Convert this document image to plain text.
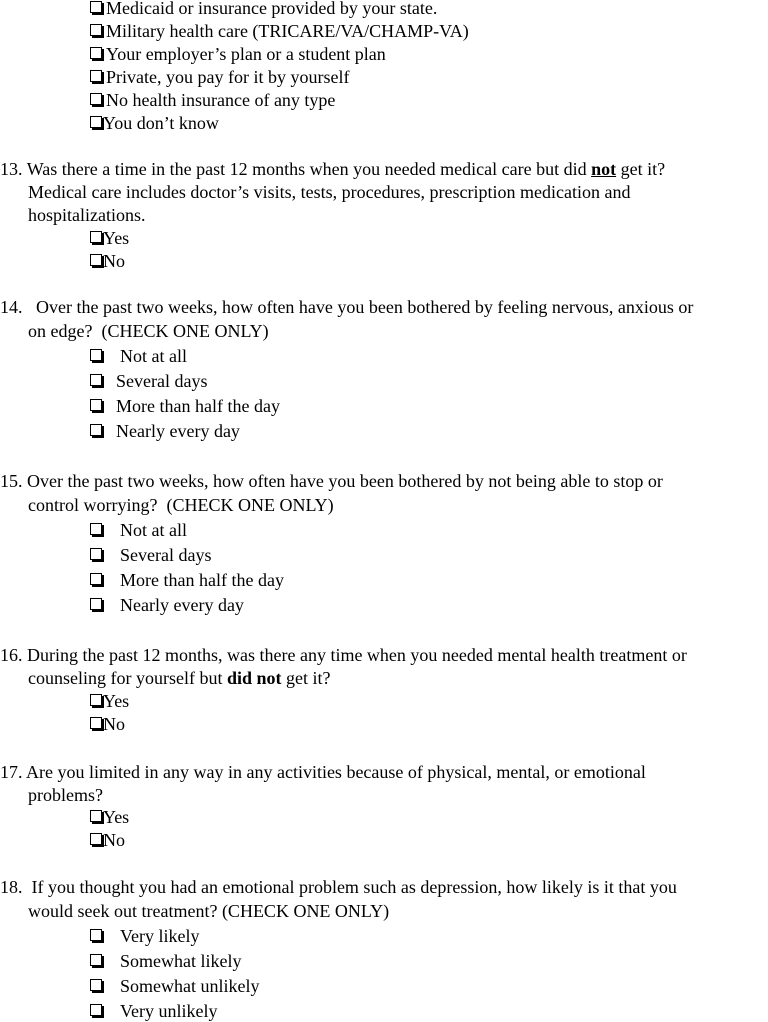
Medicaid or insurance provided by your state.
Military health care (TRICARE/VA/CHAMP-VA)
Your employer’s plan or a student plan
Private, you pay for it by yourself
No health insurance of any type
You don’t know
13. Was there a time in the past 12 months when you needed medical care but did not get it?
Medical care includes doctor’s visits, tests, procedures, prescription medication and
hospitalizations.
Yes
No
14. Over the past two weeks, how often have you been bothered by feeling nervous, anxious or
on edge?  (CHECK ONE ONLY)
Not at all
Several days
More than half the day
Nearly every day
15. Over the past two weeks, how often have you been bothered by not being able to stop or
control worrying?  (CHECK ONE ONLY)
Not at all
Several days
More than half the day
Nearly every day
16. During the past 12 months, was there any time when you needed mental health treatment or
counseling for yourself but did not get it?
Yes
No
17. Are you limited in any way in any activities because of physical, mental, or emotional
problems?
Yes
No
18. If you thought you had an emotional problem such as depression, how likely is it that you
would seek out treatment? (CHECK ONE ONLY)
Very likely
Somewhat likely
Somewhat unlikely
Very unlikely
